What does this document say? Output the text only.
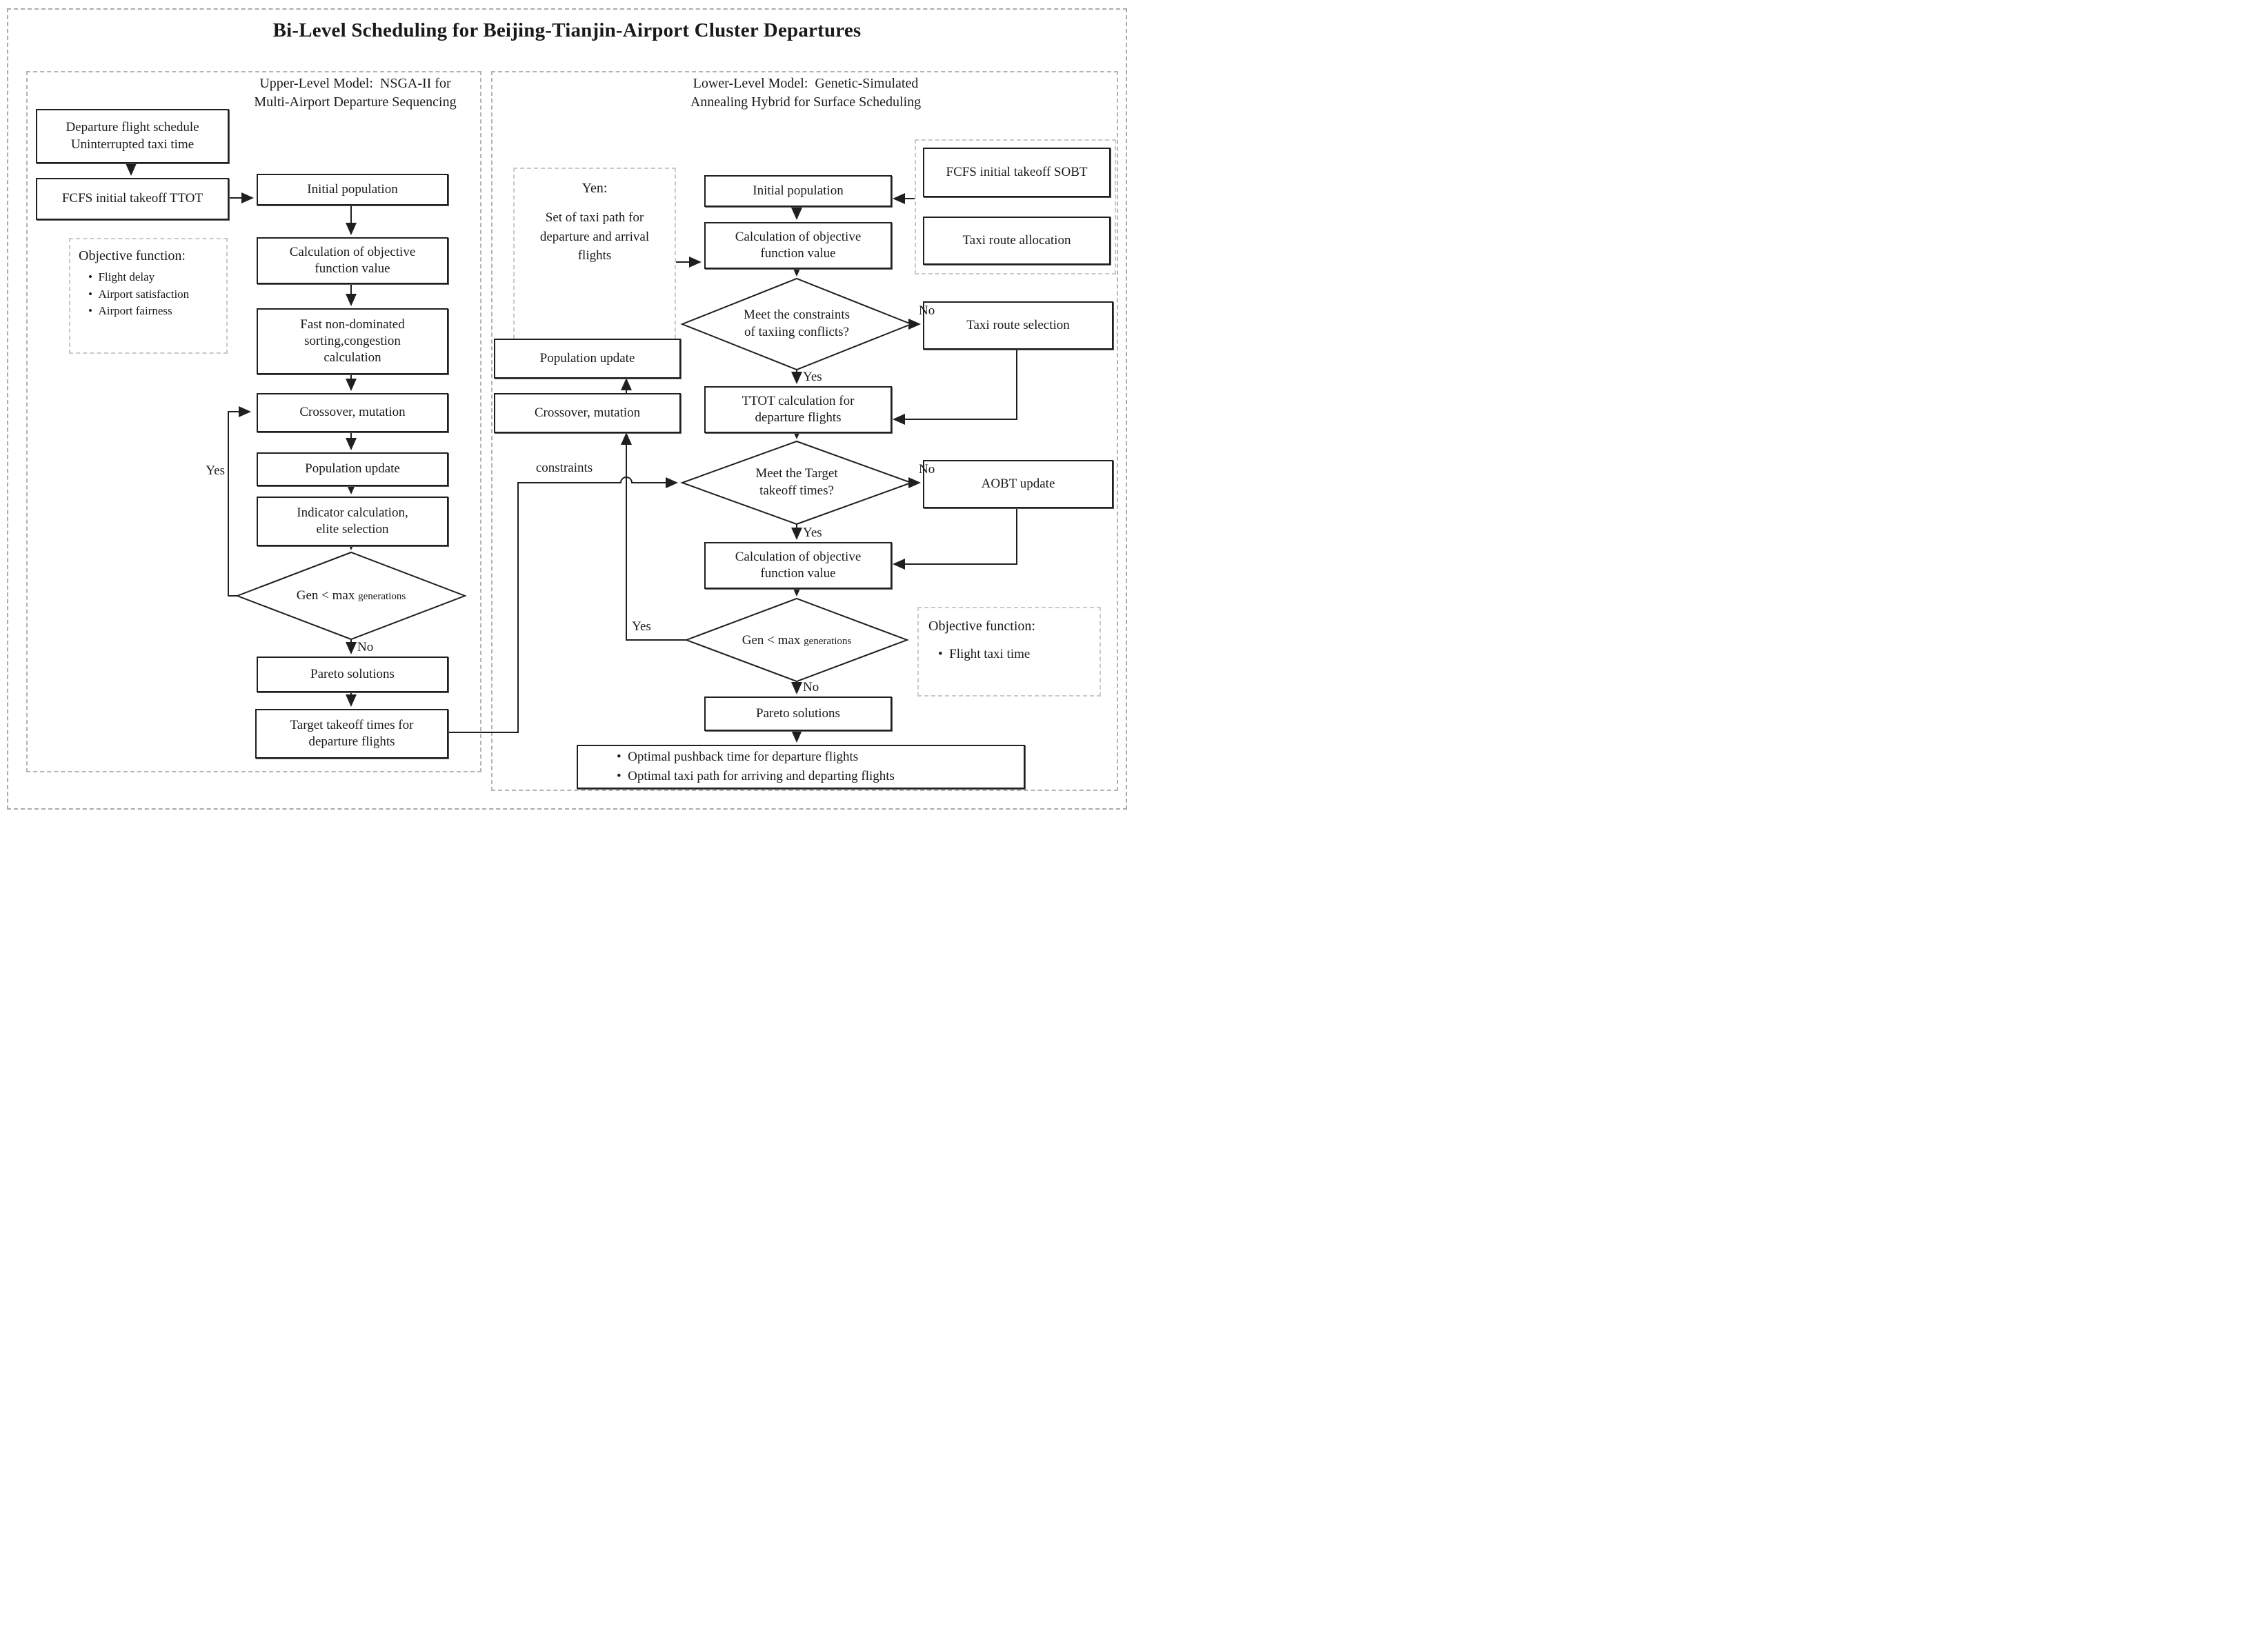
Bi-Level Scheduling for Beijing-Tianjin-Airport Cluster Departures
Upper-Level Model:  NSGA-II for
Multi-Airport Departure Sequencing
Lower-Level Model:  Genetic-Simulated
Annealing Hybrid for Surface Scheduling
Departure flight schedule
Uninterrupted taxi time
FCFS initial takeoff TTOT
Objective function:
•  Flight delay
•  Airport satisfaction
•  Airport fairness
Initial population
Calculation of objective
function value
Fast non-dominated
sorting,congestion
calculation
Crossover, mutation
Population update
Indicator calculation,
elite selection
Gen < max generations
Pareto solutions
Target takeoff times for
departure flights
Yes
No
constraints
Yen:
Set of taxi path for
departure and arrival
flights
Initial population
FCFS initial takeoff SOBT
Taxi route allocation
Calculation of objective
function value
Meet the constraints
of taxiing conflicts?	Taxi route selection
Population update
Crossover, mutation
TTOT calculation for
departure flights
Meet the Target
takeoff times?	AOBT update
Calculation of objective
function value
Gen < max generations
Objective function:
•  Flight taxi time
Pareto solutions
•  Optimal pushback time for departure flights
•  Optimal taxi path for arriving and departing flights
No
Yes
No
Yes
Yes
No
